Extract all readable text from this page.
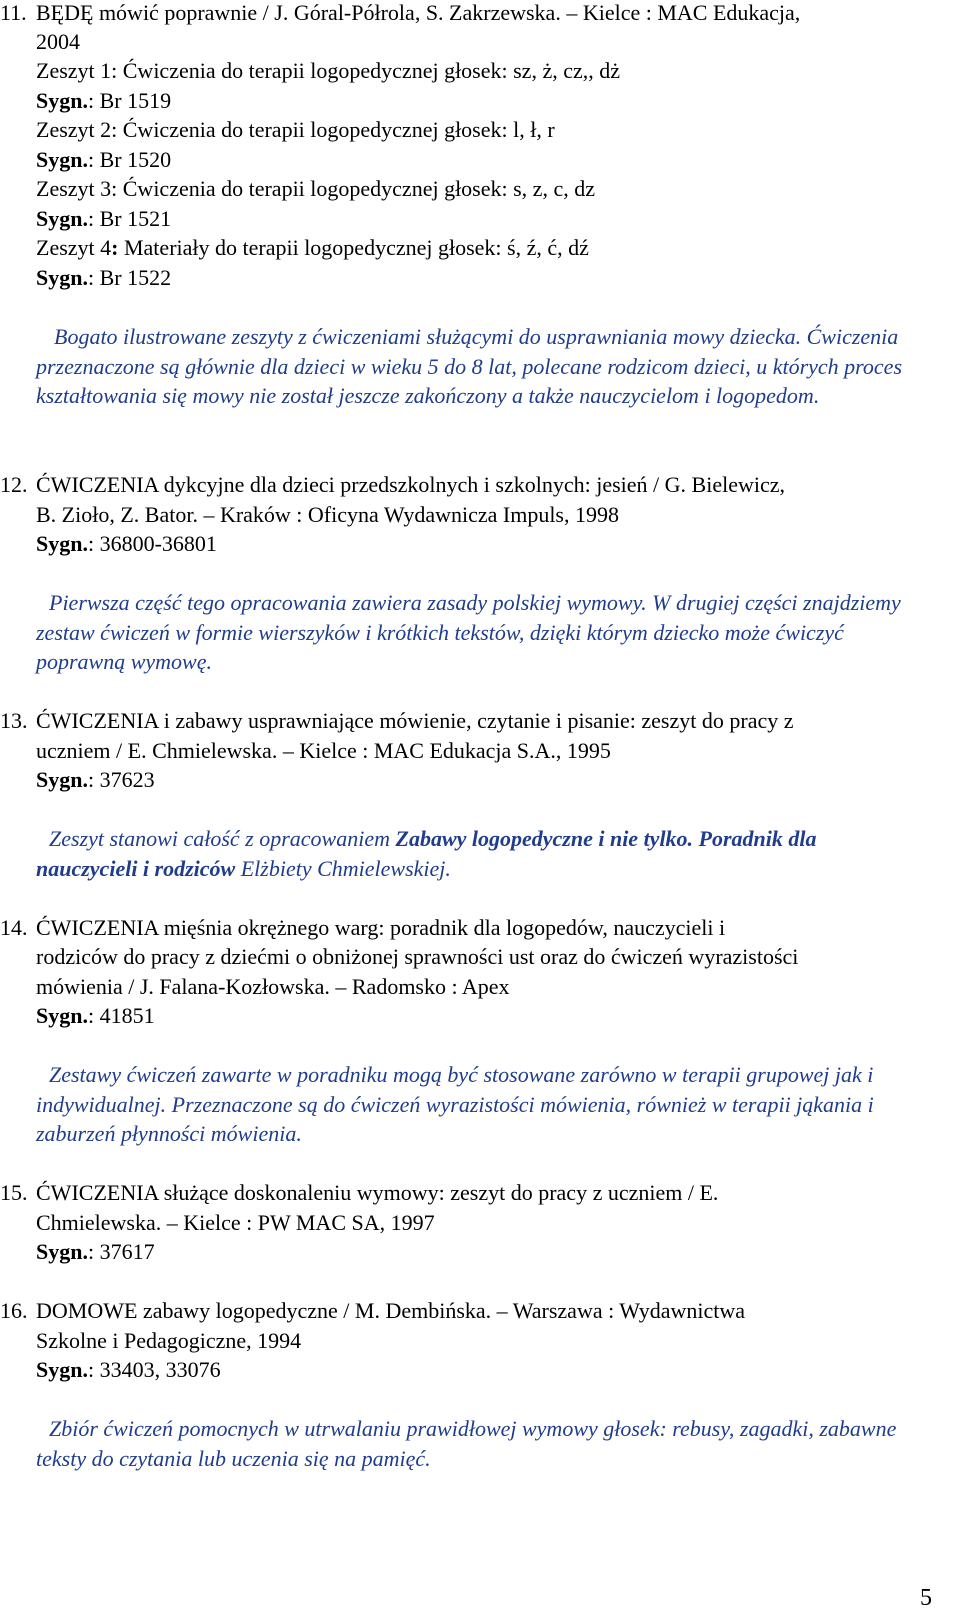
11. BĘDĘ mówić poprawnie / J. Góral-Półrola, S. Zakrzewska. – Kielce : MAC Edukacja,

2004

Zeszyt 1: Ćwiczenia do terapii logopedycznej głosek: sz, ż, cz,, dż

Sygn.: Br 1519

Zeszyt 2: Ćwiczenia do terapii logopedycznej głosek: l, ł, r

Sygn.: Br 1520

Zeszyt 3: Ćwiczenia do terapii logopedycznej głosek: s, z, c, dz

Sygn.: Br 1521

Zeszyt 4: Materiały do terapii logopedycznej głosek: ś, ź, ć, dź

Sygn.: Br 1522

Bogato ilustrowane zeszyty z ćwiczeniami służącymi do usprawniania mowy dziecka. Ćwiczenia przeznaczone są głównie dla dzieci w wieku 5 do 8 lat, polecane rodzicom dzieci, u których proces kształtowania się mowy nie został jeszcze zakończony a także nauczycielom i logopedom.

12. ĆWICZENIA dykcyjne dla dzieci przedszkolnych i szkolnych: jesień / G. Bielewicz,

B. Zioło, Z. Bator. – Kraków : Oficyna Wydawnicza Impuls, 1998

Sygn.: 36800-36801

Pierwsza część tego opracowania zawiera zasady polskiej wymowy. W drugiej części znajdziemy zestaw ćwiczeń w formie wierszyków i krótkich tekstów, dzięki którym dziecko może ćwiczyć poprawną wymowę.

13. ĆWICZENIA i zabawy usprawniające mówienie, czytanie i pisanie: zeszyt do pracy z

uczniem / E. Chmielewska. – Kielce : MAC Edukacja S.A., 1995

Sygn.: 37623

Zeszyt stanowi całość z opracowaniem Zabawy logopedyczne i nie tylko. Poradnik dla nauczycieli i rodziców Elżbiety Chmielewskiej.

14. ĆWICZENIA mięśnia okrężnego warg: poradnik dla logopedów, nauczycieli i

rodziców do pracy z dziećmi o obniżonej sprawności ust oraz do ćwiczeń wyrazistości

mówienia / J. Falana-Kozłowska. – Radomsko : Apex

Sygn.: 41851

Zestawy ćwiczeń zawarte w poradniku mogą być stosowane zarówno w terapii grupowej jak i indywidualnej. Przeznaczone są do ćwiczeń wyrazistości mówienia, również w terapii jąkania i zaburzeń płynności mówienia.

15. ĆWICZENIA służące doskonaleniu wymowy: zeszyt do pracy z uczniem / E.

Chmielewska. – Kielce : PW MAC SA, 1997

Sygn.: 37617

16. DOMOWE zabawy logopedyczne / M. Dembińska. – Warszawa : Wydawnictwa

Szkolne i Pedagogiczne, 1994

Sygn.: 33403, 33076

Zbiór ćwiczeń pomocnych w utrwalaniu prawidłowej wymowy głosek: rebusy, zagadki, zabawne teksty do czytania lub uczenia się na pamięć.

5
